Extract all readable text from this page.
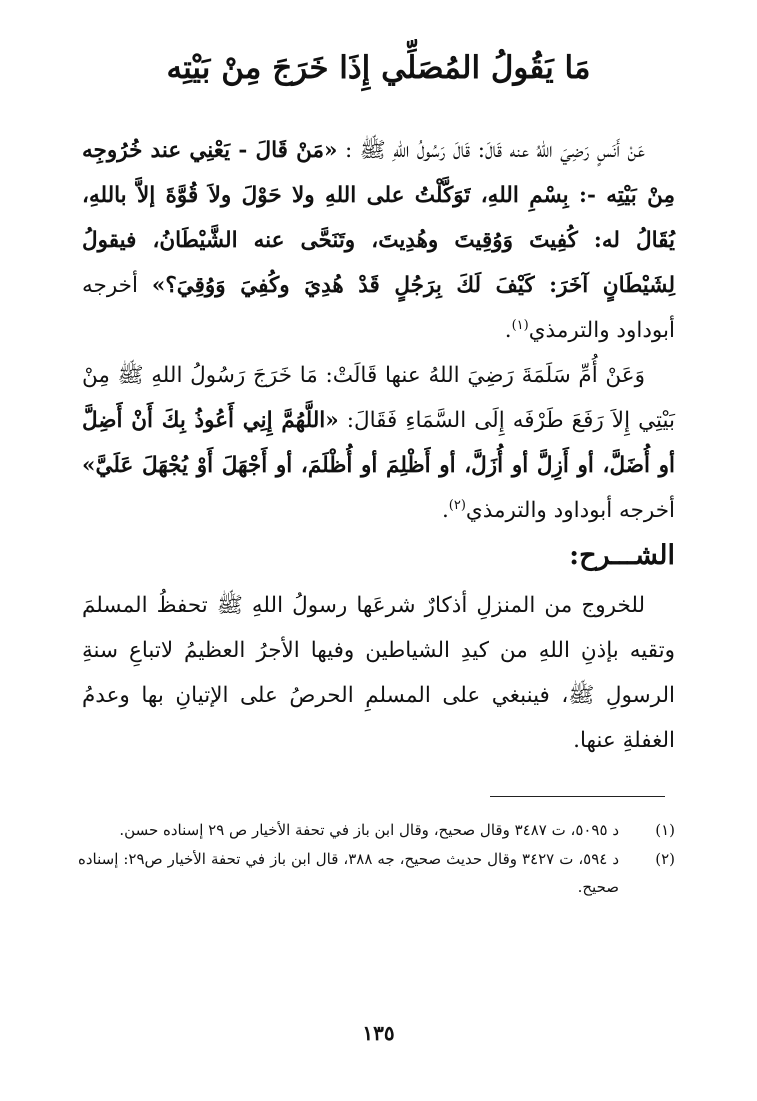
مَا يَقُولُ المُصَلِّي إِذَا خَرَجَ مِنْ بَيْتِه

عَنْ أَنَسٍ رَضِيَ اللهُ عنه قَالَ: قَالَ رَسُولُ اللهِ ﷺ : «مَنْ قَالَ - يَعْنِي عند خُرُوجِه مِنْ بَيْتِه -: بِسْمِ اللهِ، تَوَكَّلْتُ على اللهِ ولا حَوْلَ ولاَ قُوَّةَ إلاَّ باللهِ، يُقَالُ له: كُفِيتَ وَوُقِيتَ وهُدِيتَ، وتَنَحَّى عنه الشَّيْطَانُ، فيقولُ لِشَيْطَانٍ آخَرَ: كَيْفَ لَكَ بِرَجُلٍ قَدْ هُدِيَ وكُفِيَ وَوُقِيَ؟» أخرجه أبوداود والترمذي$^{(١)}$.

وَعَنْ أُمِّ سَلَمَةَ رَضِيَ اللهُ عنها قَالَتْ: مَا خَرَجَ رَسُولُ اللهِ ﷺ مِنْ بَيْتِي إِلاَ رَفَعَ طَرْفَه إِلَى السَّمَاءِ فَقَالَ: «اللَّهُمَّ إِنِي أَعُوذُ بِكَ أَنْ أَضِلَّ أو أُضَلَّ، أو أَزِلَّ أو أُزَلَّ، أو أَظْلِمَ أو أُظْلَمَ، أو أَجْهَلَ أَوْ يُجْهَلَ عَلَيَّ» أخرجه أبوداود والترمذي$^{(٢)}$.

الشـــرح:

للخروج من المنزلِ أذكارٌ شرعَها رسولُ اللهِ ﷺ تحفظُ المسلمَ وتقيه بإذنِ اللهِ من كيدِ الشياطين وفيها الأجرُ العظيمُ لاتباعِ سنةِ الرسولِ ﷺ، فينبغي على المسلمِ الحرصُ على الإتيانِ بها وعدمُ الغفلةِ عنها.

(١)
د ٥٠٩٥، ت ٣٤٨٧ وقال صحيح، وقال ابن باز في تحفة الأخيار ص ٢٩ إسناده حسن.

(٢)
د ٥٩٤، ت ٣٤٢٧ وقال حديث صحيح، جه ٣٨٨، قال ابن باز في تحفة الأخيار ص٢٩: إسناده صحيح.

١٣٥
